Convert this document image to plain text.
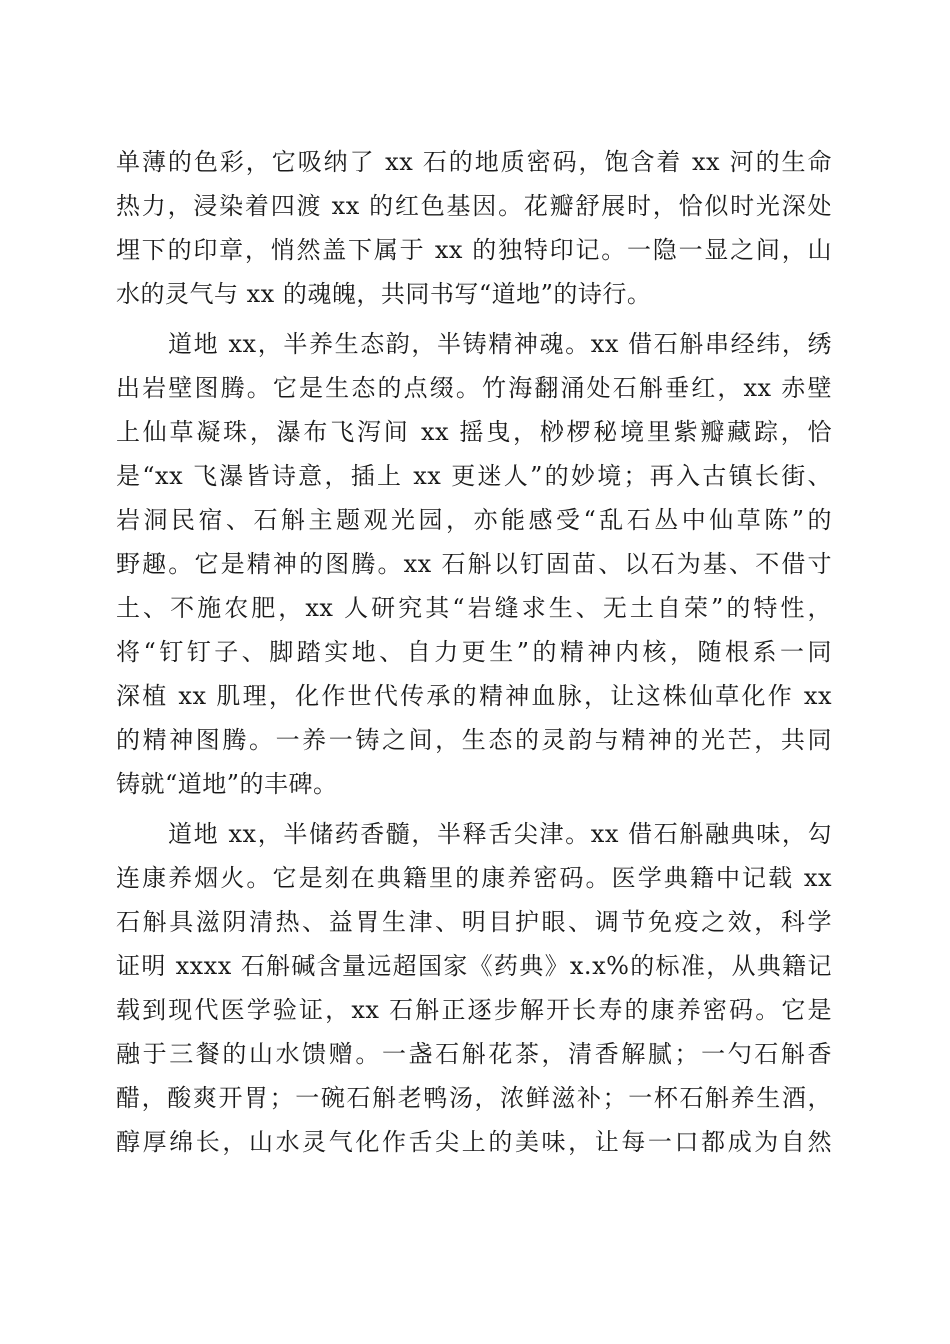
单薄的色彩，它吸纳了 xx 石的地质密码，饱含着 xx 河的生命
热力，浸染着四渡 xx 的红色基因。花瓣舒展时，恰似时光深处
埋下的印章，悄然盖下属于 xx 的独特印记。一隐一显之间，山
水的灵气与 xx 的魂魄，共同书写“道地”的诗行。
道地 xx，半养生态韵，半铸精神魂。xx 借石斛串经纬，绣
出岩壁图腾。它是生态的点缀。竹海翻涌处石斛垂红，xx 赤壁
上仙草凝珠，瀑布飞泻间 xx 摇曳，桫椤秘境里紫瓣藏踪，恰
是“xx 飞瀑皆诗意，插上 xx 更迷人”的妙境；再入古镇长街、
岩洞民宿、石斛主题观光园，亦能感受“乱石丛中仙草陈”的
野趣。它是精神的图腾。xx 石斛以钉固苗、以石为基、不借寸
土、不施农肥，xx 人研究其“岩缝求生、无土自荣”的特性，
将“钉钉子、脚踏实地、自力更生”的精神内核，随根系一同
深植 xx 肌理，化作世代传承的精神血脉，让这株仙草化作 xx
的精神图腾。一养一铸之间，生态的灵韵与精神的光芒，共同
铸就“道地”的丰碑。
道地 xx，半储药香髓，半释舌尖津。xx 借石斛融典味，勾
连康养烟火。它是刻在典籍里的康养密码。医学典籍中记载 xx
石斛具滋阴清热、益胃生津、明目护眼、调节免疫之效，科学
证明 xxxx 石斛碱含量远超国家《药典》x.x%的标准，从典籍记
载到现代医学验证，xx 石斛正逐步解开长寿的康养密码。它是
融于三餐的山水馈赠。一盏石斛花茶，清香解腻；一勺石斛香
醋，酸爽开胃；一碗石斛老鸭汤，浓鲜滋补；一杯石斛养生酒，
醇厚绵长，山水灵气化作舌尖上的美味，让每一口都成为自然
